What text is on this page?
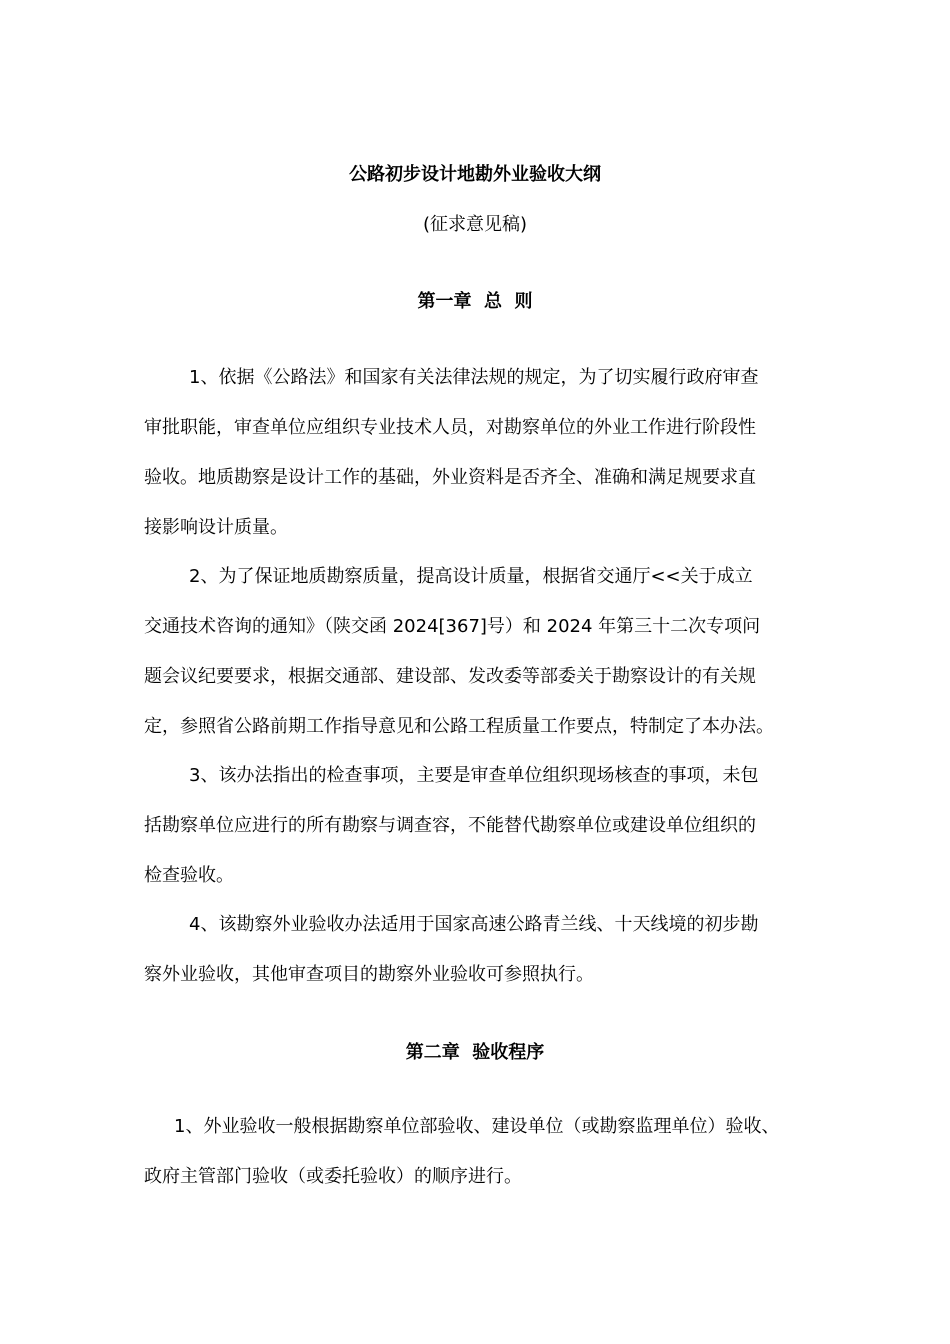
公路初步设计地勘外业验收大纲

(征求意见稿)

第一章  总  则
1、依据《公路法》和国家有关法律法规的规定，为了切实履行政府审查
审批职能，审查单位应组织专业技术人员，对勘察单位的外业工作进行阶段性
验收。地质勘察是设计工作的基础，外业资料是否齐全、准确和满足规要求直
接影响设计质量。
2、为了保证地质勘察质量，提高设计质量，根据省交通厅<<关于成立
交通技术咨询的通知》（陕交函 2024[367]号）和 2024 年第三十二次专项问
题会议纪要要求，根据交通部、建设部、发改委等部委关于勘察设计的有关规
定，参照省公路前期工作指导意见和公路工程质量工作要点，特制定了本办法。
3、该办法指出的检查事项，主要是审查单位组织现场核查的事项，未包
括勘察单位应进行的所有勘察与调查容，不能替代勘察单位或建设单位组织的
检查验收。
4、该勘察外业验收办法适用于国家高速公路青兰线、十天线境的初步勘
察外业验收，其他审查项目的勘察外业验收可参照执行。
第二章  验收程序
1、外业验收一般根据勘察单位部验收、建设单位（或勘察监理单位）验收、
政府主管部门验收（或委托验收）的顺序进行。
